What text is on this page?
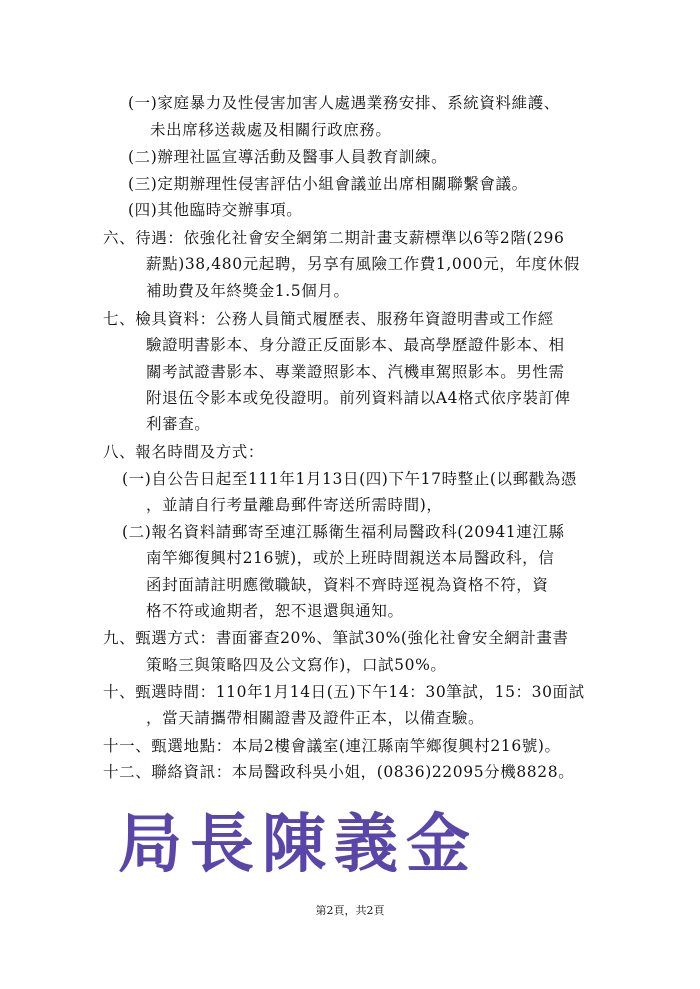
(一)家庭暴力及性侵害加害人處遇業務安排、系統資料維護、

未出席移送裁處及相關行政庶務。

(二)辦理社區宣導活動及醫事人員教育訓練。

(三)定期辦理性侵害評估小組會議並出席相關聯繫會議。

(四)其他臨時交辦事項。

六、待遇：依強化社會安全網第二期計畫支薪標準以6等2階(296

薪點)38,480元起聘，另享有風險工作費1,000元，年度休假

補助費及年終獎金1.5個月。

七、檢具資料：公務人員簡式履歷表、服務年資證明書或工作經

驗證明書影本、身分證正反面影本、最高學歷證件影本、相

關考試證書影本、專業證照影本、汽機車駕照影本。男性需

附退伍令影本或免役證明。前列資料請以A4格式依序裝訂俾

利審查。

八、報名時間及方式：

(一)自公告日起至111年1月13日(四)下午17時整止(以郵戳為憑

，並請自行考量離島郵件寄送所需時間)，

(二)報名資料請郵寄至連江縣衛生福利局醫政科(20941連江縣

南竿鄉復興村216號)，或於上班時間親送本局醫政科，信

函封面請註明應徵職缺，資料不齊時逕視為資格不符，資

格不符或逾期者，恕不退還與通知。

九、甄選方式：書面審查20%、筆試30%(強化社會安全網計畫書

策略三與策略四及公文寫作)，口試50%。

十、甄選時間：110年1月14日(五)下午14：30筆試，15：30面試

，當天請攜帶相關證書及證件正本，以備查驗。

十一、甄選地點：本局2樓會議室(連江縣南竿鄉復興村216號)。

十二、聯絡資訊：本局醫政科吳小姐，(0836)22095分機8828。

局長陳義金
第2頁，共2頁
